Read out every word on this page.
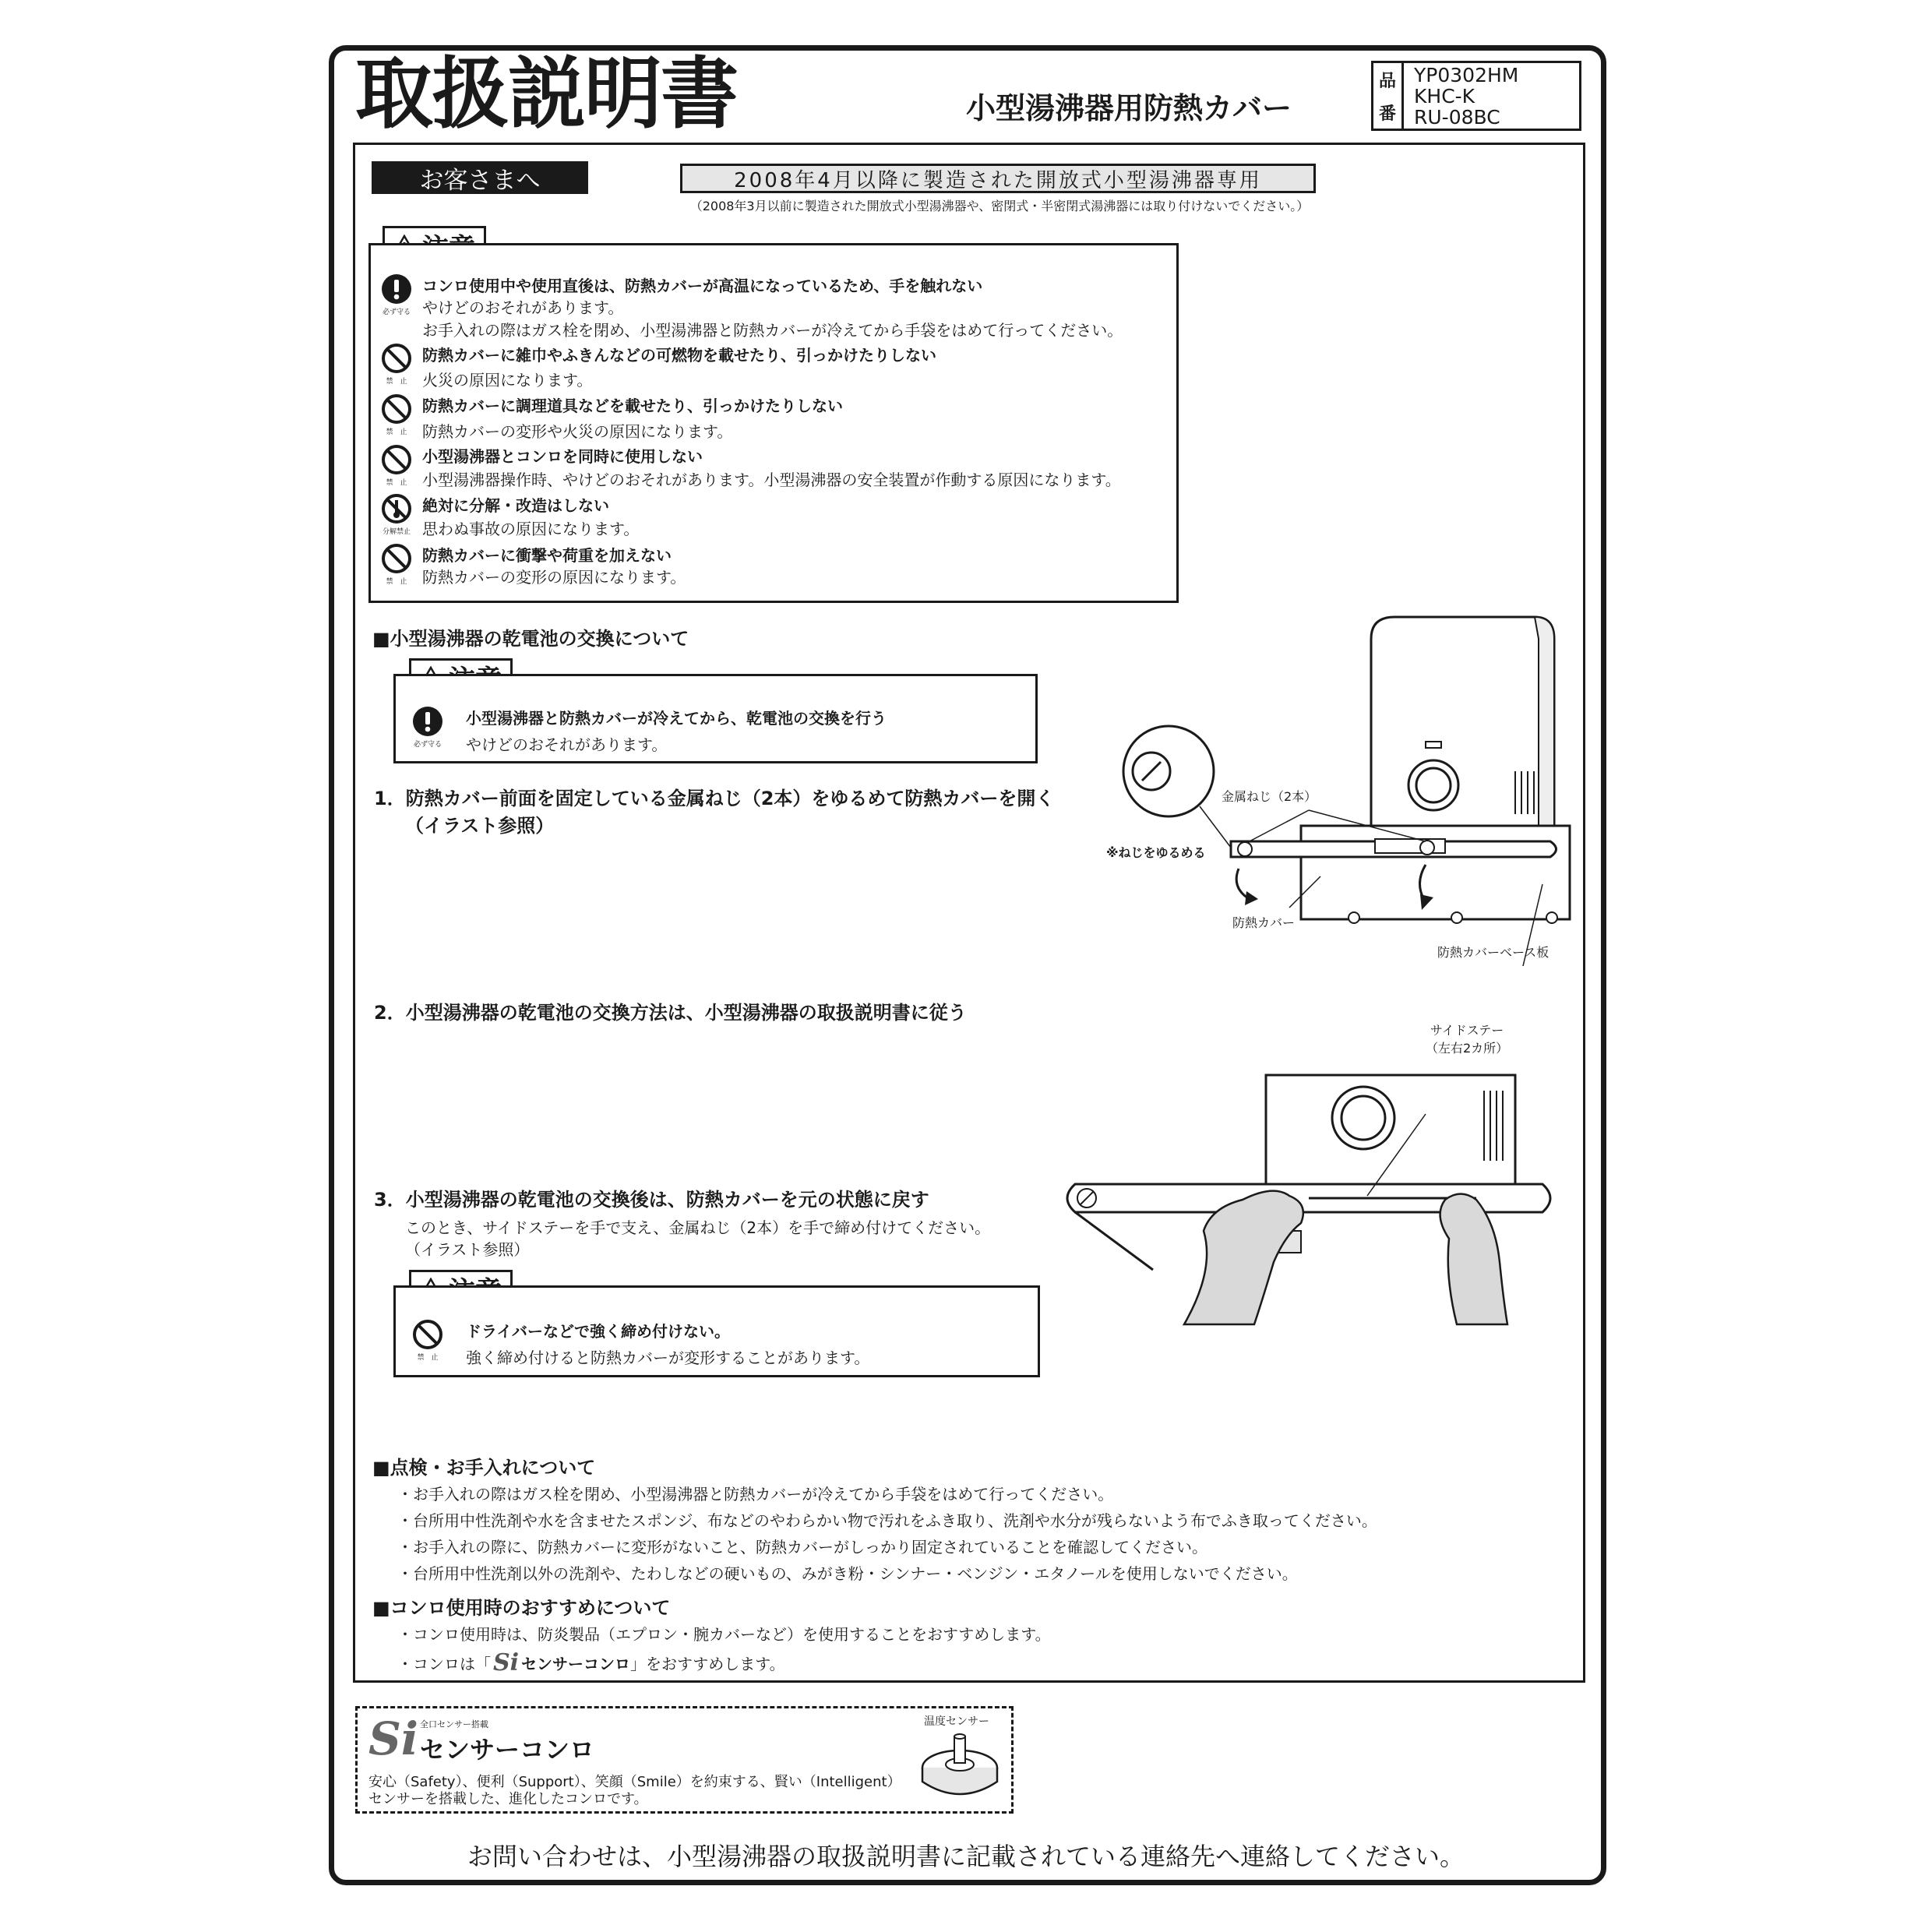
取扱説明書	小型湯沸器用防熱カバー
品
番
YP0302HM
KHC-K
RU-08BC
お客さまへ	2008年4月以降に製造された開放式小型湯沸器専用
（2008年3月以前に製造された開放式小型湯沸器や、密閉式・半密閉式湯沸器には取り付けないでください。）
必ず守る
コンロ使用中や使用直後は、防熱カバーが高温になっているため、手を触れない
やけどのおそれがあります。
お手入れの際はガス栓を閉め、小型湯沸器と防熱カバーが冷えてから手袋をはめて行ってください。
禁　止
防熱カバーに雑巾やふきんなどの可燃物を載せたり、引っかけたりしない
火災の原因になります。
禁　止
防熱カバーに調理道具などを載せたり、引っかけたりしない
防熱カバーの変形や火災の原因になります。
禁　止
小型湯沸器とコンロを同時に使用しない
小型湯沸器操作時、やけどのおそれがあります。小型湯沸器の安全装置が作動する原因になります。
分解禁止
絶対に分解・改造はしない
思わぬ事故の原因になります。
禁　止
防熱カバーに衝撃や荷重を加えない
防熱カバーの変形の原因になります。
■小型湯沸器の乾電池の交換について
必ず守る
小型湯沸器と防熱カバーが冷えてから、乾電池の交換を行う
やけどのおそれがあります。
1．防熱カバー前面を固定している金属ねじ（2本）をゆるめて防熱カバーを開く
（イラスト参照）
金属ねじ（2本）
※ねじをゆるめる
防熱カバー
防熱カバーベース板
2．小型湯沸器の乾電池の交換方法は、小型湯沸器の取扱説明書に従う
サイドステー
（左右2カ所）
3．小型湯沸器の乾電池の交換後は、防熱カバーを元の状態に戻す
このとき、サイドステーを手で支え、金属ねじ（2本）を手で締め付けてください。
（イラスト参照）
禁　止
ドライバーなどで強く締め付けない。
強く締め付けると防熱カバーが変形することがあります。
■点検・お手入れについて
・お手入れの際はガス栓を閉め、小型湯沸器と防熱カバーが冷えてから手袋をはめて行ってください。
・台所用中性洗剤や水を含ませたスポンジ、布などのやわらかい物で汚れをふき取り、洗剤や水分が残らないよう布でふき取ってください。
・お手入れの際に、防熱カバーに変形がないこと、防熱カバーがしっかり固定されていることを確認してください。
・台所用中性洗剤以外の洗剤や、たわしなどの硬いもの、みがき粉・シンナー・ベンジン・エタノールを使用しないでください。
■コンロ使用時のおすすめについて
・コンロ使用時は、防炎製品（エプロン・腕カバーなど）を使用することをおすすめします。
・コンロは「 Si センサーコンロ 」をおすすめします。
Si 全口センサー搭載
センサーコンロ
安心（Safety）、便利（Support）、笑顔（Smile）を約束する、賢い（Intelligent）
センサーを搭載した、進化したコンロです。
温度センサー
お問い合わせは、小型湯沸器の取扱説明書に記載されている連絡先へ連絡してください。
